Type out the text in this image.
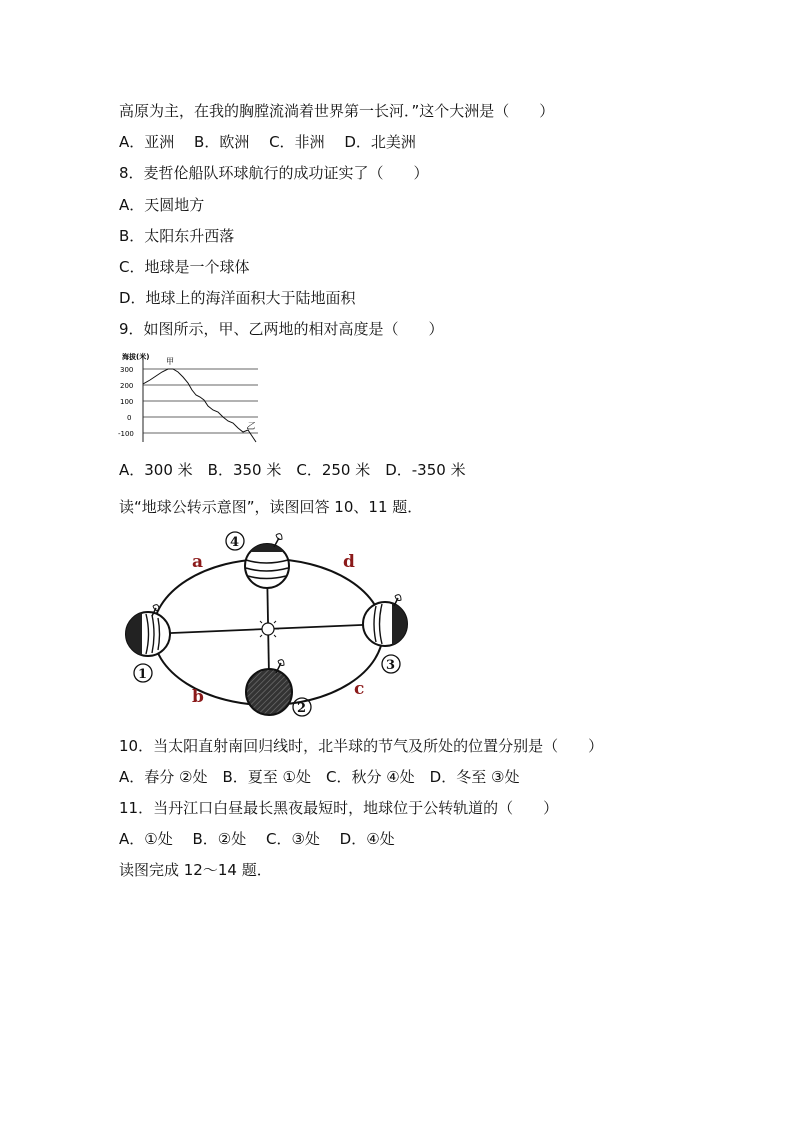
高原为主，在我的胸膛流淌着世界第一长河．”这个大洲是（　　）
A．亚洲　 B．欧洲　 C．非洲　 D．北美洲
8．麦哲伦船队环球航行的成功证实了（　　）
A．天圆地方
B．太阳东升西落
C．地球是一个球体
D．地球上的海洋面积大于陆地面积
9．如图所示，甲、乙两地的相对高度是（　　）
海拔(米)
300
200
100
0
-100
甲
乙
A．300 米　B．350 米　C．250 米　D．-350 米
读“地球公转示意图”，读图回答 10、11 题．
1
2
3
4
a
b	c
d
10．当太阳直射南回归线时，北半球的节气及所处的位置分别是（　　）
A．春分 ②处　B．夏至 ①处　C．秋分 ④处　D．冬至 ③处
11．当丹江口白昼最长黑夜最短时，地球位于公转轨道的（　　）
A．①处　 B．②处　 C．③处　 D．④处
读图完成 12～14 题．
